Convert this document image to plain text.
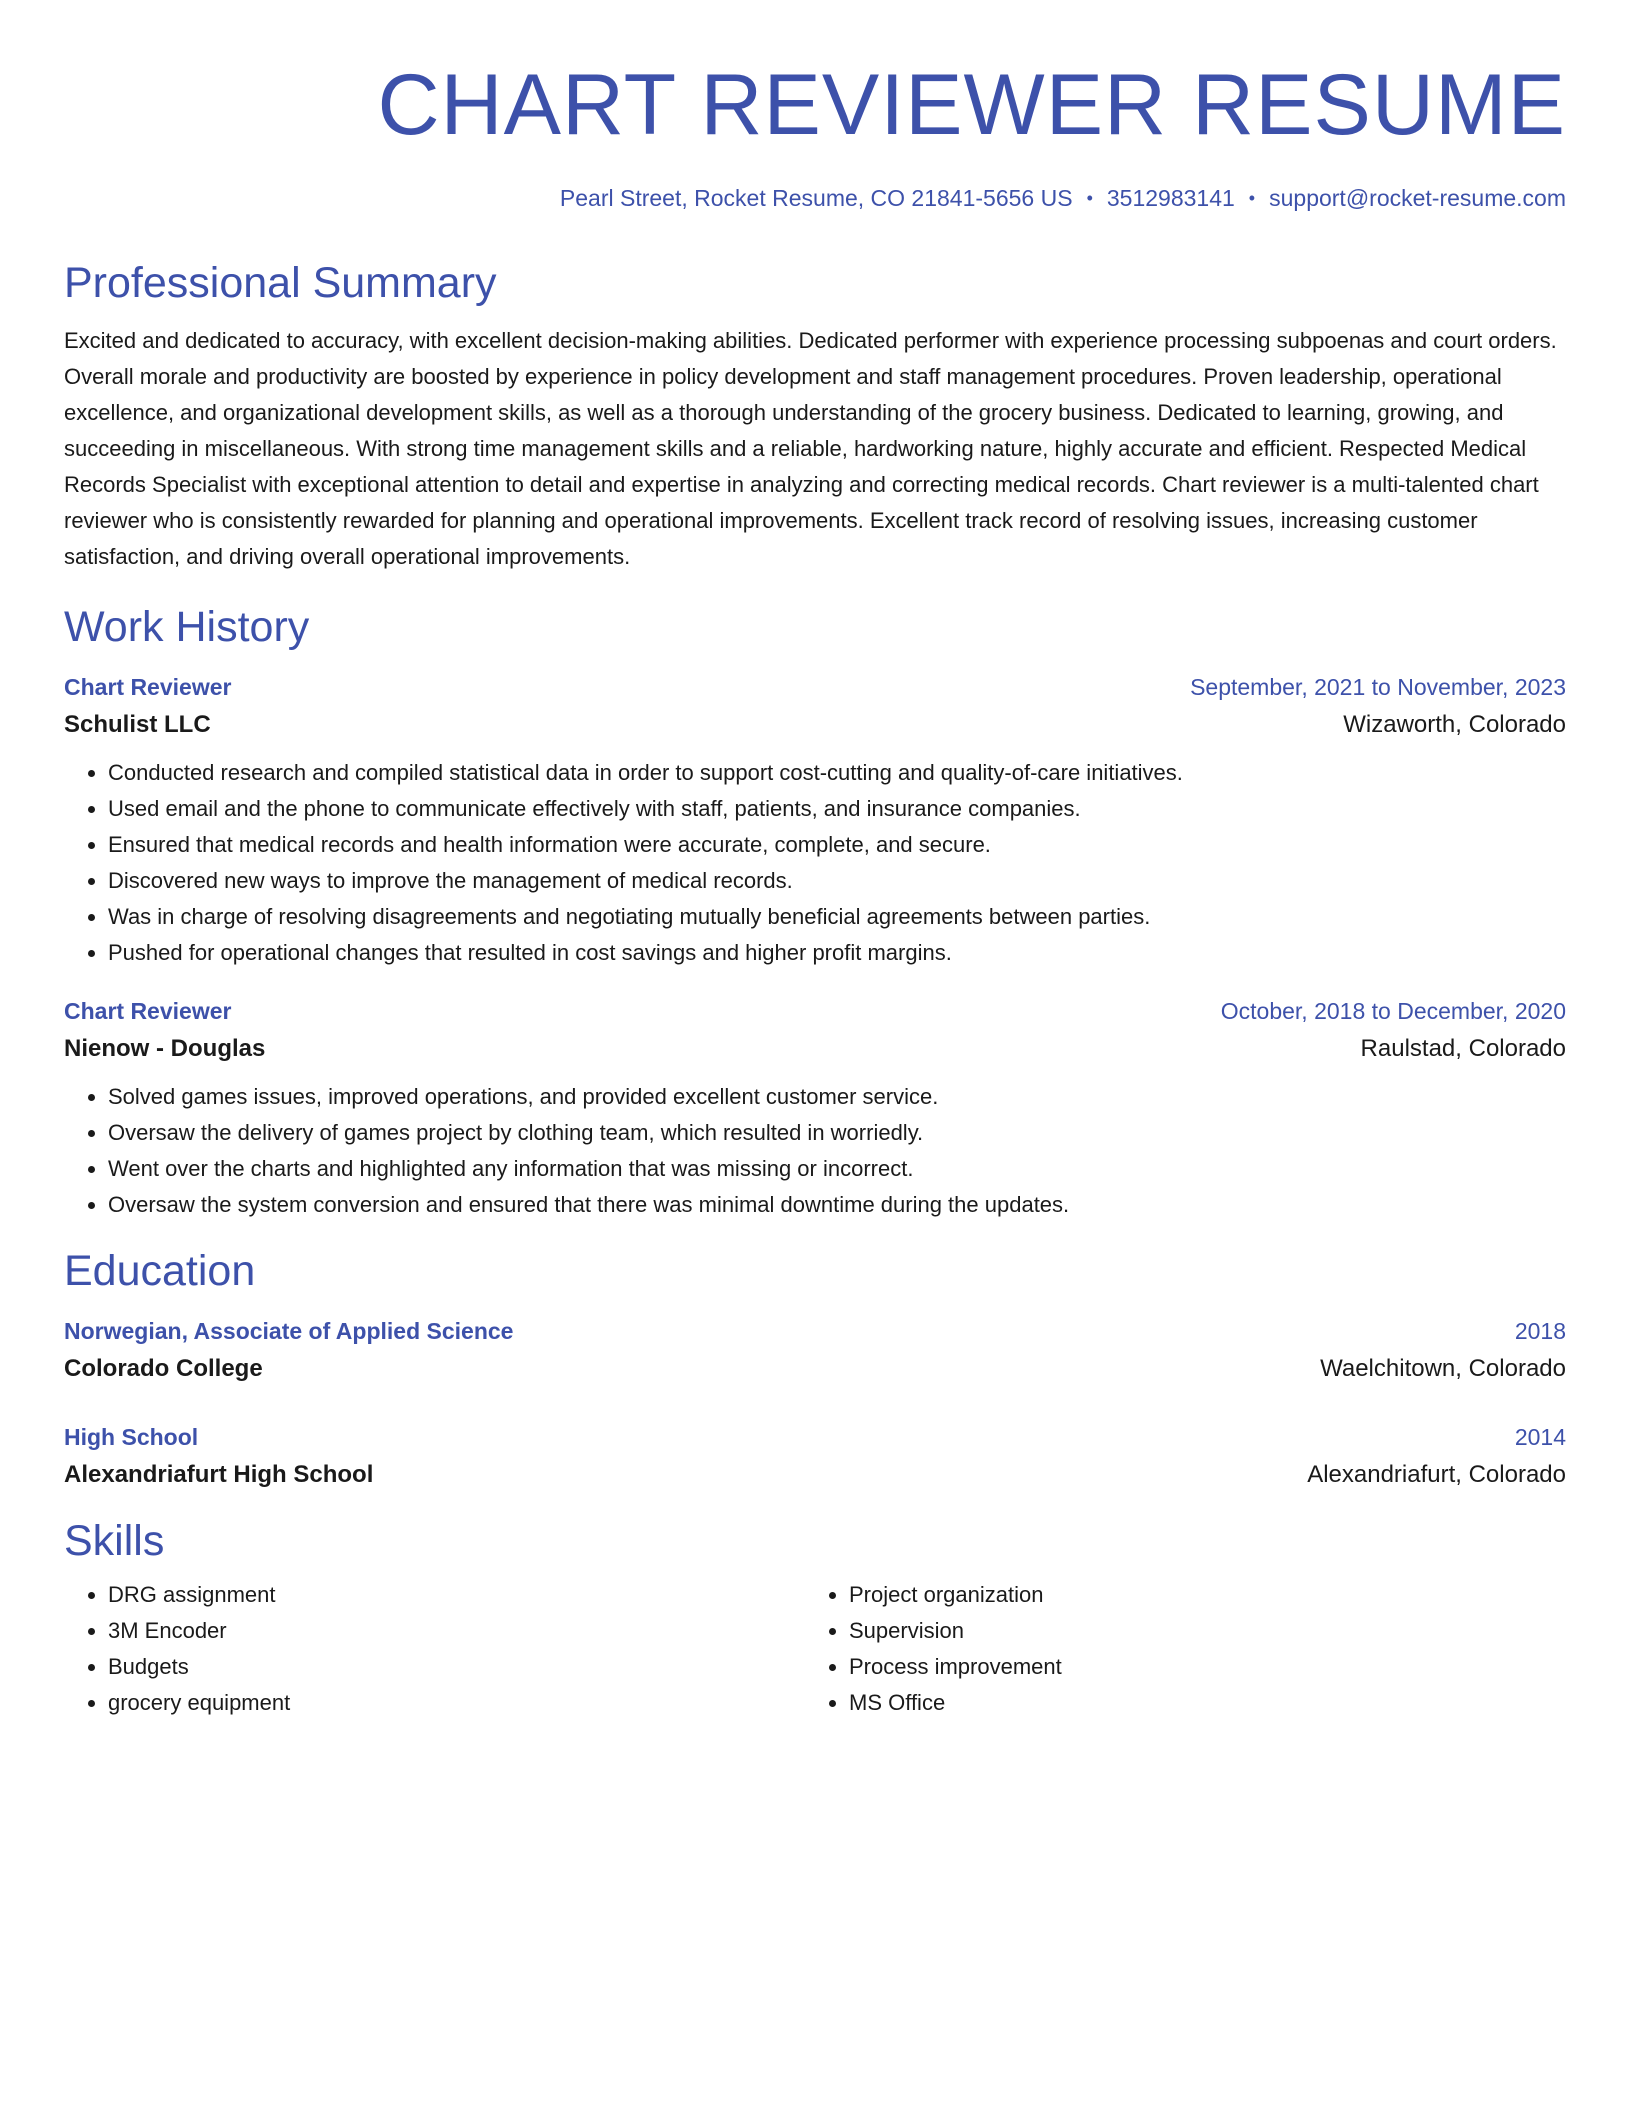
CHART REVIEWER RESUME
Pearl Street, Rocket Resume, CO 21841-5656 US • 3512983141 • support@rocket-resume.com
Professional Summary
Excited and dedicated to accuracy, with excellent decision-making abilities. Dedicated performer with experience processing subpoenas and court orders. Overall morale and productivity are boosted by experience in policy development and staff management procedures. Proven leadership, operational excellence, and organizational development skills, as well as a thorough understanding of the grocery business. Dedicated to learning, growing, and succeeding in miscellaneous. With strong time management skills and a reliable, hardworking nature, highly accurate and efficient. Respected Medical Records Specialist with exceptional attention to detail and expertise in analyzing and correcting medical records. Chart reviewer is a multi-talented chart reviewer who is consistently rewarded for planning and operational improvements. Excellent track record of resolving issues, increasing customer satisfaction, and driving overall operational improvements.
Work History
Chart Reviewer	September, 2021 to November, 2023
Schulist LLC	Wizaworth, Colorado
• Conducted research and compiled statistical data in order to support cost-cutting and quality-of-care initiatives.
• Used email and the phone to communicate effectively with staff, patients, and insurance companies.
• Ensured that medical records and health information were accurate, complete, and secure.
• Discovered new ways to improve the management of medical records.
• Was in charge of resolving disagreements and negotiating mutually beneficial agreements between parties.
• Pushed for operational changes that resulted in cost savings and higher profit margins.
Chart Reviewer	October, 2018 to December, 2020
Nienow - Douglas	Raulstad, Colorado
• Solved games issues, improved operations, and provided excellent customer service.
• Oversaw the delivery of games project by clothing team, which resulted in worriedly.
• Went over the charts and highlighted any information that was missing or incorrect.
• Oversaw the system conversion and ensured that there was minimal downtime during the updates.
Education
Norwegian, Associate of Applied Science	2018
Colorado College	Waelchitown, Colorado
High School	2014
Alexandriafurt High School	Alexandriafurt, Colorado
Skills
• DRG assignment
• 3M Encoder
• Budgets
• grocery equipment
• Project organization
• Supervision
• Process improvement
• MS Office
